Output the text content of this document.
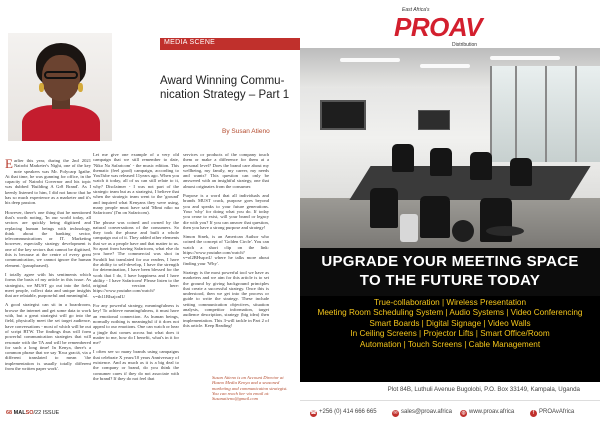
MEDIA SCENE
Award Winning Commu-
nication Strategy – Part 1
By Susan Atieno

Earlier this year, during the 2nd 2021 Nairobi Marketer's Night, one of the key note speakers was Mr. Polycarp Igathe. At that time, he was gunning for office, in the capacity of Nairobi Governor and his topic was dubbed 'Building A Gr8 Brand'. As I keenly listened to him, I did not know that he has so much experience as a marketer and it's his deep passion.

However, there's one thing that he mentioned that's worth noting, 'In our world today, all sectors are quickly being digitized and replacing human beings with technology, think about the banking sector, telecommunications or IT. Marketing however, especially strategy development is one of the key sectors that cannot be digitised, this is because at the centre of every great communication, we cannot ignore the human element.' (paraphrased).

I totally agree with his sentiments which forms the basis of my article in this issue. As strategists, we MUST go out into the field, meet people, collect data and unique insights that are relatable, purposeful and meaningful.

A good strategist can sit in a boardroom, browse the internet and get some data to work with, but a great strategist will go into the field, physically meet the set target audience, have conversations - most of which will be out of script BTW. The findings thus will form powerful communication strategies that will resonate with the TA and will be remembered for such a long time! In Kenya, there's a common phrase that we say 'Kwa graciá, via a different translated to mean 'the implementation is usually totally different from the written paper work'.

Let me give one example of a very old campaign that we still remember to date, 'Niko Na Safaricom' - the music edition. This thematic (feel good) campaign, according to YouTube was released 11years ago. When you watch it today, all of us can still relate to it, why? Disclaimer - I was not part of the strategic team but as a strategist, I believe that when the strategic team went to the 'ground' and inquired what Kenyans they were using, many people must have said 'Mimi niko na Safaricom' (I'm on Safaricom).

The phrase was coined and owned by the natural conversations of the consumers. So they took the phrase and built a whole campaign out of it. They added other elements that we as a people have and that matter to us. So apart from having Safaricom, what else do you have? The commercial was shot in Swahili but translated for our readers, I have the ability to self-develop, I have the strength for determination, I have been blessed for the work that I do, I have happiness and I have ability - I have Safaricom! Please listen to the original version here: https://www.youtube.com/watch?v=ih11BIsajcnIU

For any powerful strategy, meaningfulness is key! To achieve meaningfulness, it must have an emotional connection. As human beings, normally nothing is meaningful if it does not appeal to our emotions. One can watch or hear a jingle that comes across but what does it matter to me, how do I benefit, what's in it for me?

I often see so many brands using campaigns that celebrate X years/10 years Anniversary of existence. And as much as it is a big deal to the company or brand, do you think the consumer cares if they do not associate with the brand? If they do not feel that

services or products of the company touch them or make a difference for them at a personal level? Does the brand care about my wellbeing, my family, my career, my needs and wants? This question can only be answered with an insightful strategy, one that almost originates from the consumer.

Purpose is a word that all individuals and brands MUST crack, purpose goes beyond you and speaks to your future generations. Your 'why' for doing what you do. If today you cease to exist, will your brand or legacy die with you? If you can answer that question, then you have a strong purpose and strategy!

Simon Sinek, is an American Author who coined the concept of 'Golden Circle'. You can watch a short clip on the link: https://www.youtube.com/watch?v=ol2BHsqcnU where he talks more about finding your 'Why'.

Strategy is the most powerful tool we have as marketers and we aim for this article is to set the ground by giving background principles that create a successful strategy. Once this is understood, then we get into the process or guide to write the strategy. These include setting communication objectives, situation analysis, competitor information, target audience description, strategy (big idea) then implementation. This 3-will tackle in Part 2 of this article. Keep Reading!

Susan Atieno is an Account Director at Hasno Media Kenya and a seasoned marketing and communication strategist. You can reach her via email at: Susanatieno@gmail.com
68 MALSO/22 ISSUE
East Africa's
PROAV
Distribution
UPGRADE YOUR MEETING SPACE
TO THE FUTURE TODAY
True-collaboration | Wireless Presentation
Meeting Room Scheduling System | Audio Systems | Video Conferencing
Smart Boards | Digital Signage | Video Walls
In Ceiling Screens | Projector Lifts | Smart Office/Room
Automation | Touch Screens | Cable Management
Plot 84B, Luthuli Avenue Bugolobi, P.O. Box 33149, Kampala, Uganda
☎ +256 (0) 414 666 665	✉ sales@proav.africa ◍ www.proav.africa	f PROAvAfrica
